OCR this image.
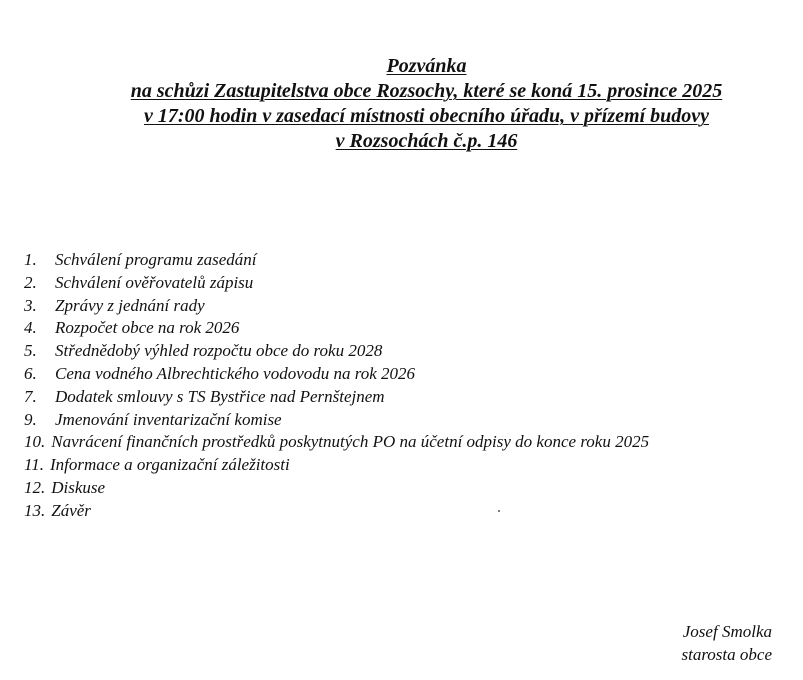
Pozvánka
na schůzi Zastupitelstva obce Rozsochy, které se koná 15. prosince 2025
v 17:00 hodin v zasedací místnosti obecního úřadu, v přízemí budovy
v Rozsochách č.p. 146
1. Schválení programu zasedání
2. Schválení ověřovatelů zápisu
3. Zprávy z jednání rady
4. Rozpočet obce na rok 2026
5. Střednědobý výhled rozpočtu obce do roku 2028
6. Cena vodného Albrechtického vodovodu na rok 2026
7. Dodatek smlouvy s TS Bystřice nad Pernštejnem
9. Jmenování inventarizační komise
10. Navrácení finančních prostředků poskytnutých PO na účetní odpisy do konce roku 2025
11. Informace a organizační záležitosti
12. Diskuse
13. Závěr
Josef Smolka
starosta obce
